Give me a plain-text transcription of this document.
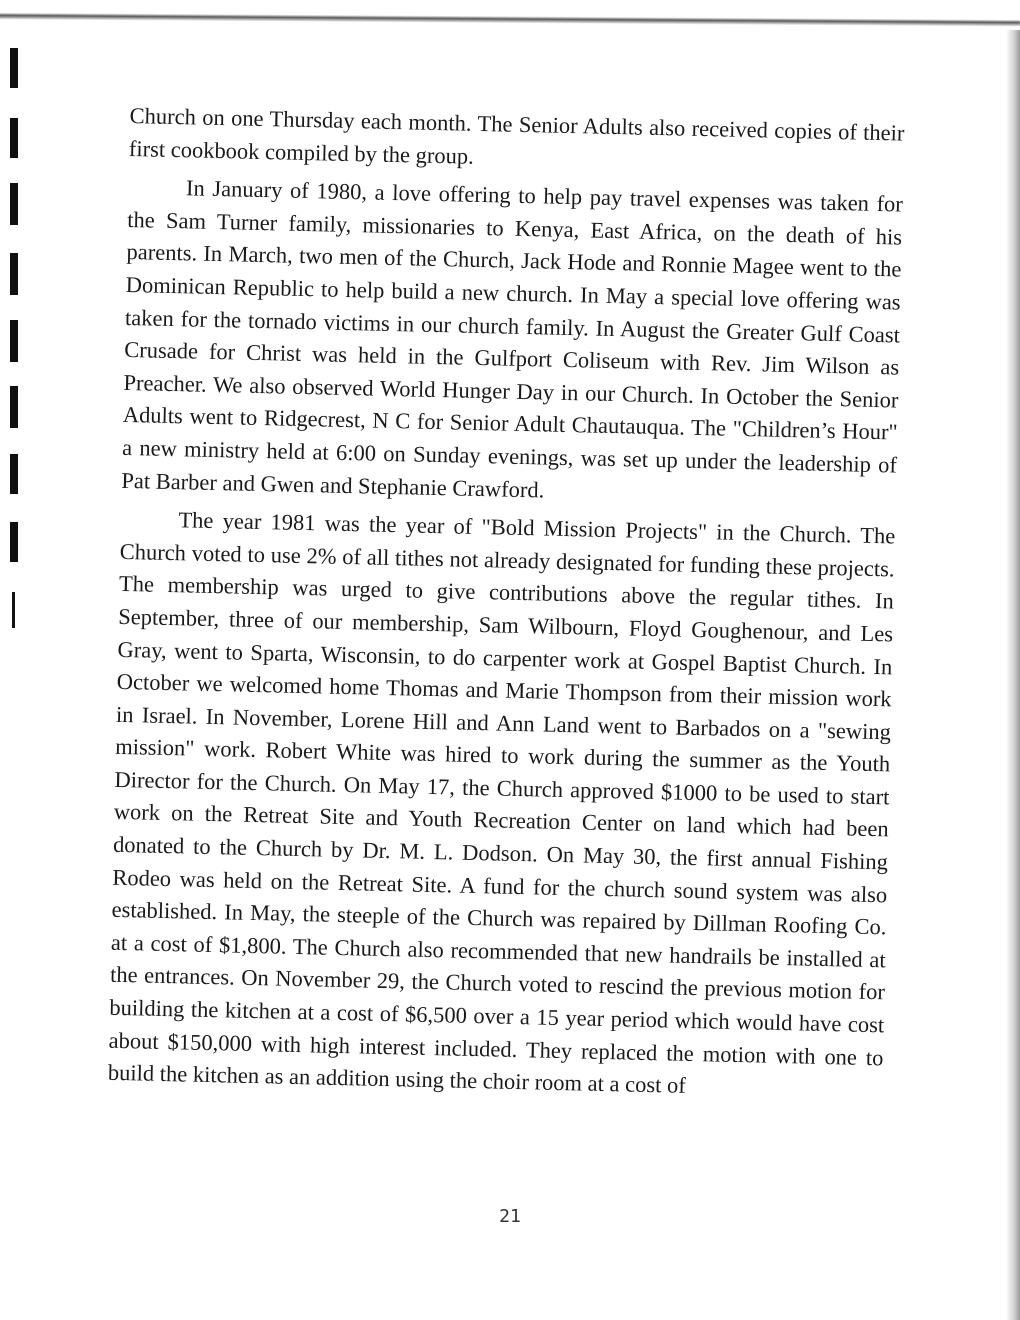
Church on one Thursday each month. The Senior Adults also received copies of their first cookbook compiled by the group.

In January of 1980, a love offering to help pay travel expenses was taken for the Sam Turner family, missionaries to Kenya, East Africa, on the death of his parents. In March, two men of the Church, Jack Hode and Ronnie Magee went to the Dominican Republic to help build a new church. In May a special love offering was taken for the tornado victims in our church family. In August the Greater Gulf Coast Crusade for Christ was held in the Gulfport Coliseum with Rev. Jim Wilson as Preacher. We also observed World Hunger Day in our Church. In October the Senior Adults went to Ridgecrest, N C for Senior Adult Chautauqua. The "Children’s Hour" a new ministry held at 6:00 on Sunday evenings, was set up under the leadership of Pat Barber and Gwen and Stephanie Crawford.

The year 1981 was the year of "Bold Mission Projects" in the Church. The Church voted to use 2% of all tithes not already designated for funding these projects. The membership was urged to give contributions above the regular tithes. In September, three of our membership, Sam Wilbourn, Floyd Goughenour, and Les Gray, went to Sparta, Wisconsin, to do carpenter work at Gospel Baptist Church. In October we welcomed home Thomas and Marie Thompson from their mission work in Israel. In November, Lorene Hill and Ann Land went to Barbados on a "sewing mission" work. Robert White was hired to work during the summer as the Youth Director for the Church. On May 17, the Church approved $1000 to be used to start work on the Retreat Site and Youth Recreation Center on land which had been donated to the Church by Dr. M. L. Dodson. On May 30, the first annual Fishing Rodeo was held on the Retreat Site. A fund for the church sound system was also established. In May, the steeple of the Church was repaired by Dillman Roofing Co. at a cost of $1,800. The Church also recommended that new handrails be installed at the entrances. On November 29, the Church voted to rescind the previous motion for building the kitchen at a cost of $6,500 over a 15 year period which would have cost about $150,000 with high interest included. They replaced the motion with one to build the kitchen as an addition using the choir room at a cost of

21
